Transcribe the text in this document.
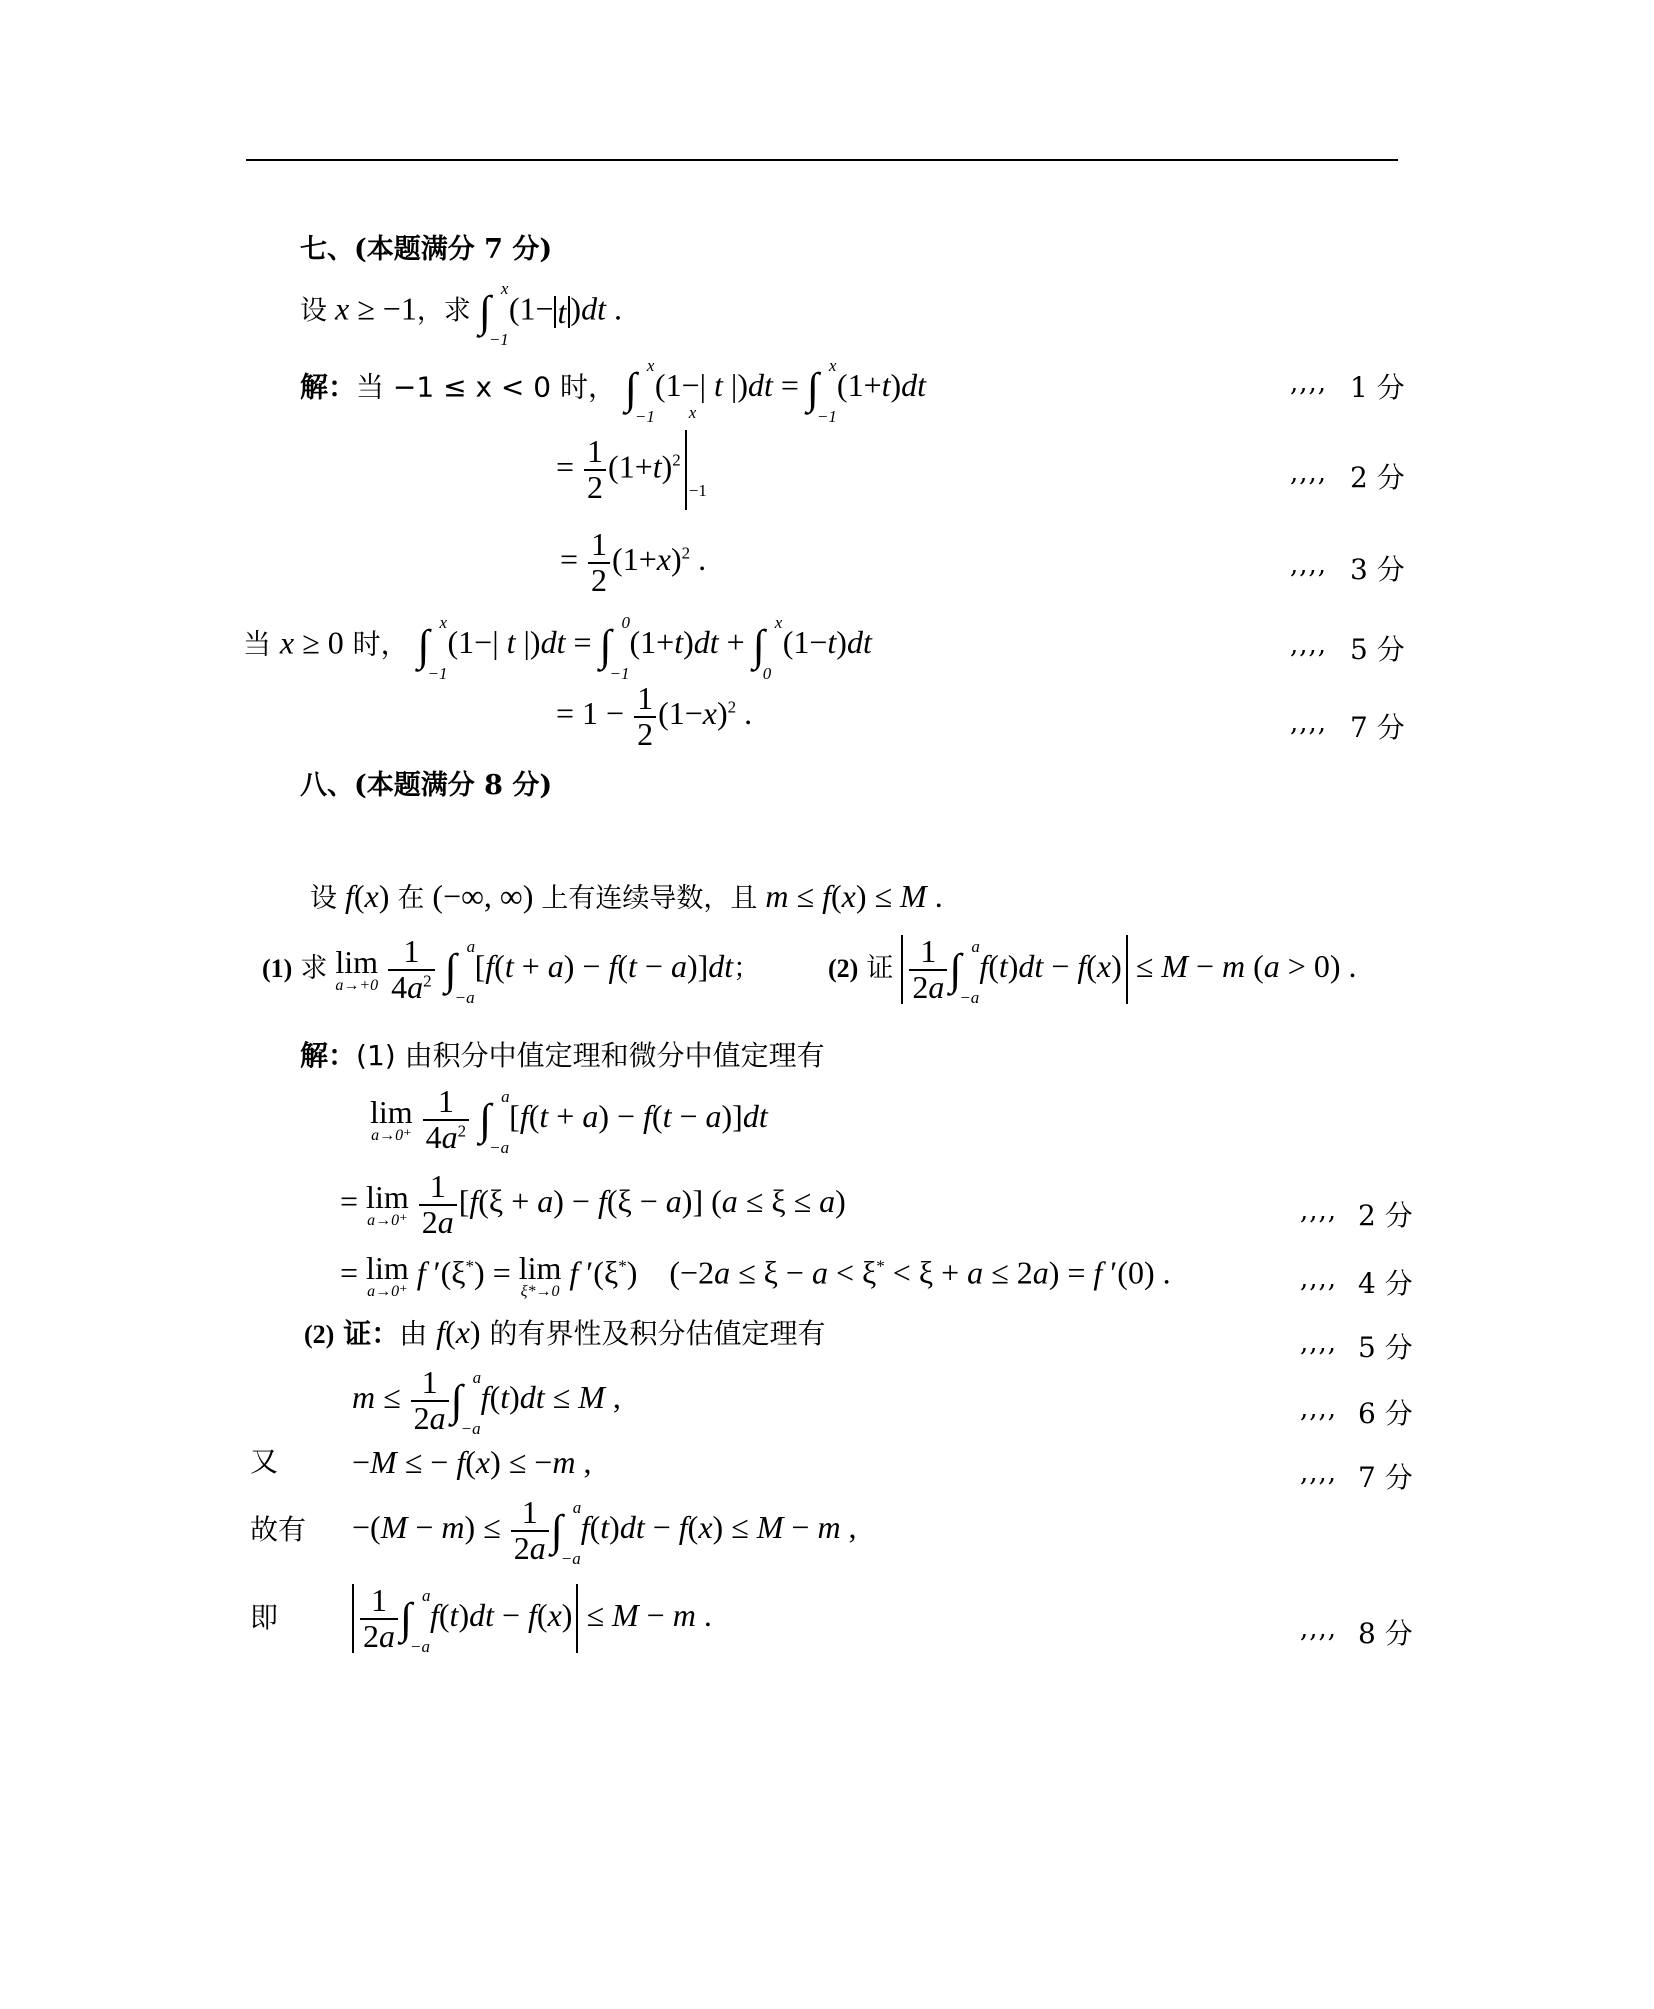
七、(本题满分 7 分)
设 x ≥ −1，求 ∫ x
−1
(1− t )dt .
解：当 −1 ≤ x < 0 时， ∫ x
−1
(1−| t |)dt = ∫ x
−1
(1+t)dt
= $\frac{1}{2} (1+t)^2$
x
−1
= $\frac{1}{2} (1+x)^2$ .
当 x ≥ 0 时， ∫ x
−1
(1−| t |)dt = ∫ 0
−1
(1+t)dt + ∫ x
0
(1−t)dt
= $1 - \frac{1}{2} (1-x)^2$ .
,,,, 1 分
,,,, 2 分
,,,, 3 分
,,,, 5 分
,,,, 7 分
八、(本题满分 8 分)
设 f(x) 在 (−∞, ∞) 上有连续导数，且 m ≤ f(x) ≤ M .
(1) 求 lim
a→+0
$\frac{1}{4a^2}$ ∫ a
−a
[f(t + a) − f(t − a)]dt；	(2) 证 $\frac{1}{2a}$ ∫ a
−a
f(t)dt − f(x) ≤ M − m (a > 0) .
解：(1) 由积分中值定理和微分中值定理有
lim
a→0⁺
$\frac{1}{4a^2}$ ∫ a
−a
[f(t + a) − f(t − a)]dt
= lim
a→0⁺
$\frac{1}{2a} [f(\xi + a) - f(\xi - a)] (a \le \xi \le a)$
= lim
a→0⁺
f ′(ξ*) = lim
ξ*→0
f ′(ξ*)    (−2a ≤ ξ − a < ξ* < ξ + a ≤ 2a) = f ′(0) .
(2) 证：由 f(x) 的有界性及积分估值定理有
$m \le \frac{1}{2a}$ ∫ a
−a
f(t)dt ≤ M ,
又 −M ≤ − f(x) ≤ −m ,
故有 $-(M - m) \le \frac{1}{2a}$ ∫ a
−a
f(t)dt − f(x) ≤ M − m ,
即	$\frac{1}{2a}$ ∫ a
−a
f(t)dt − f(x) ≤ M − m .
,,,, 2 分
,,,, 4 分
,,,, 5 分
,,,, 6 分
,,,, 7 分
,,,, 8 分
